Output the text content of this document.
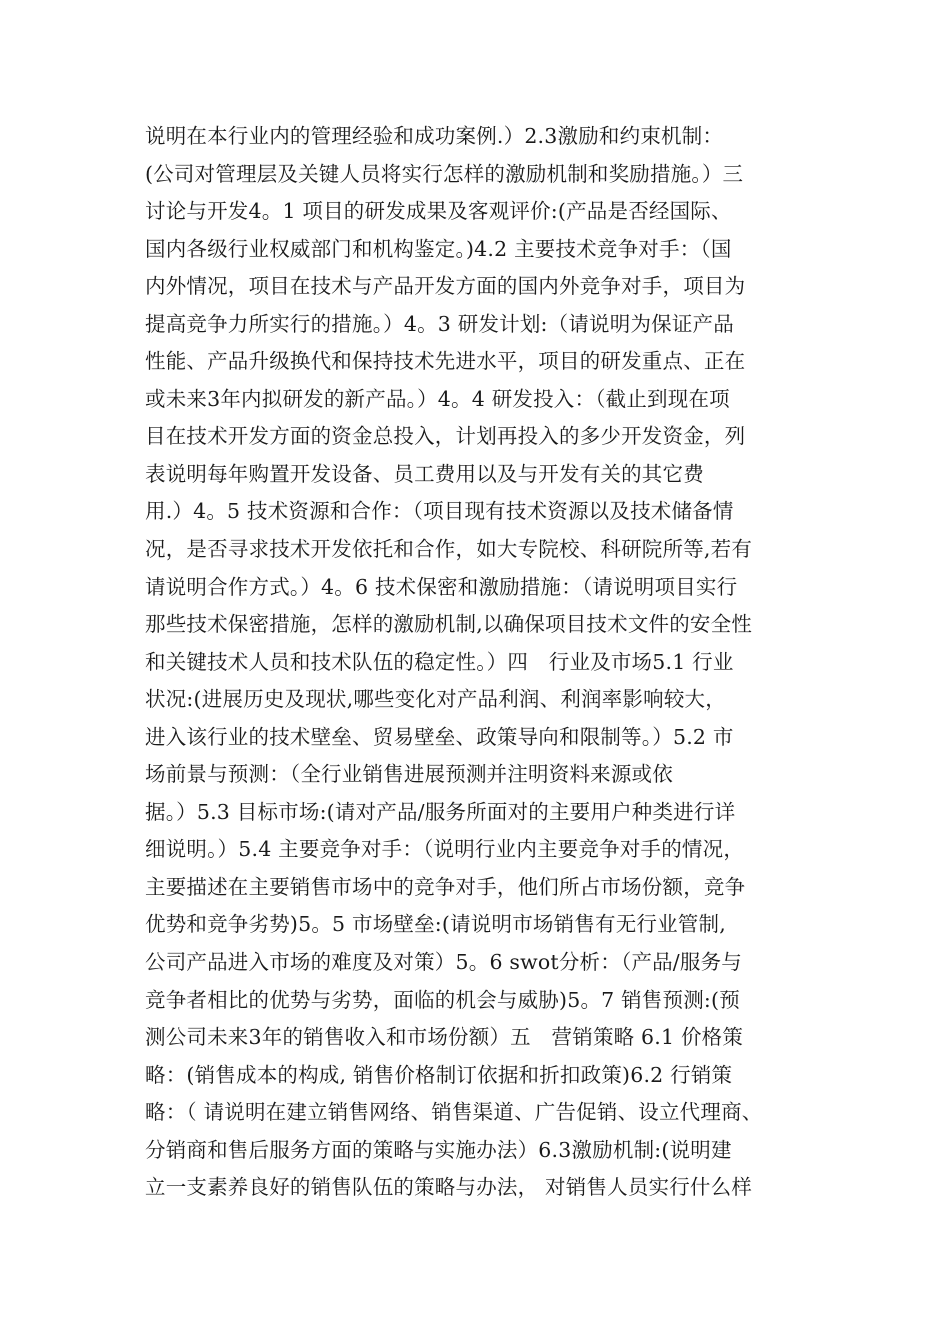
说明在本行业内的管理经验和成功案例.）2.3激励和约束机制：
(公司对管理层及关键人员将实行怎样的激励机制和奖励措施。）三
讨论与开发4。1 项目的研发成果及客观评价:(产品是否经国际、
国内各级行业权威部门和机构鉴定。)4.2 主要技术竞争对手：（国
内外情况，项目在技术与产品开发方面的国内外竞争对手，项目为
提高竞争力所实行的措施。）4。3 研发计划:（请说明为保证产品
性能、产品升级换代和保持技术先进水平，项目的研发重点、正在
或未来3年内拟研发的新产品。）4。4 研发投入：（截止到现在项
目在技术开发方面的资金总投入，计划再投入的多少开发资金，列
表说明每年购置开发设备、员工费用以及与开发有关的其它费
用.）4。5 技术资源和合作：（项目现有技术资源以及技术储备情
况，是否寻求技术开发依托和合作，如大专院校、科研院所等,若有
请说明合作方式。）4。6 技术保密和激励措施：（请说明项目实行
那些技术保密措施，怎样的激励机制,以确保项目技术文件的安全性
和关键技术人员和技术队伍的稳定性。）四　行业及市场5.1 行业
状况:(进展历史及现状,哪些变化对产品利润、利润率影响较大，
进入该行业的技术壁垒、贸易壁垒、政策导向和限制等。）5.2 市
场前景与预测：（全行业销售进展预测并注明资料来源或依
据。）5.3 目标市场:(请对产品/服务所面对的主要用户种类进行详
细说明。）5.4 主要竞争对手：（说明行业内主要竞争对手的情况，
主要描述在主要销售市场中的竞争对手，他们所占市场份额，竞争
优势和竞争劣势)5。5 市场壁垒:(请说明市场销售有无行业管制,
公司产品进入市场的难度及对策）5。6 swot分析：（产品/服务与
竞争者相比的优势与劣势，面临的机会与威胁)5。7 销售预测:(预
测公司未来3年的销售收入和市场份额）五　营销策略 6.1 价格策
略：(销售成本的构成, 销售价格制订依据和折扣政策)6.2 行销策
略：（ 请说明在建立销售网络、销售渠道、广告促销、设立代理商、
分销商和售后服务方面的策略与实施办法）6.3激励机制:(说明建
立一支素养良好的销售队伍的策略与办法， 对销售人员实行什么样
